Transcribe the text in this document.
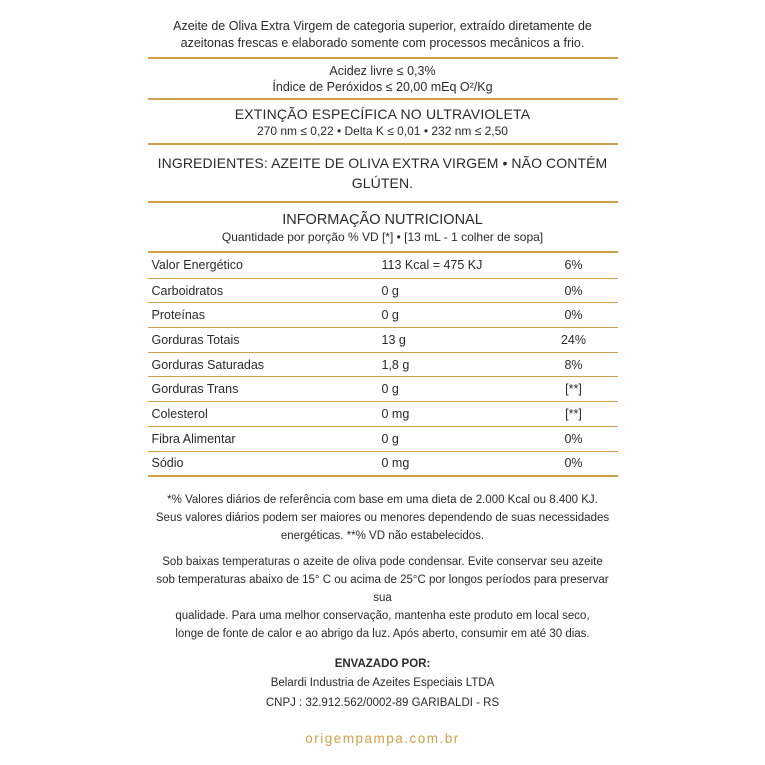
Azeite de Oliva Extra Virgem de categoria superior, extraído diretamente de
azeitonas frescas e elaborado somente com processos mecânicos a frio.
Acidez livre ≤ 0,3%
Índice de Peróxidos ≤ 20,00 mEq O²/Kg
EXTINÇÃO ESPECÍFICA NO ULTRAVIOLETA
270 nm ≤ 0,22 • Delta K ≤ 0,01 • 232 nm ≤ 2,50
INGREDIENTES: AZEITE DE OLIVA EXTRA VIRGEM • NÃO CONTÉM GLÚTEN.
INFORMAÇÃO NUTRICIONAL
Quantidade por porção % VD [*] • [13 mL - 1 colher de sopa]
Valor Energético	113 Kcal = 475 KJ	6%
Carboidratos	0 g	0%
Proteínas	0 g	0%
Gorduras Totais	13 g	24%
Gorduras Saturadas	1,8 g	8%
Gorduras Trans	0 g	[**]
Colesterol	0 mg	[**]
Fibra Alimentar	0 g	0%
Sódio	0 mg	0%
*% Valores diários de referência com base em uma dieta de 2.000 Kcal ou 8.400 KJ.
Seus valores diários podem ser maiores ou menores dependendo de suas necessidades
energéticas. **% VD não estabelecidos.
Sob baixas temperaturas o azeite de oliva pode condensar. Evite conservar seu azeite
sob temperaturas abaixo de 15° C ou acima de 25°C por longos períodos para preservar sua
qualidade. Para uma melhor conservação, mantenha este produto em local seco,
longe de fonte de calor e ao abrigo da luz. Após aberto, consumir em até 30 dias.
ENVAZADO POR:
Belardi Industria de Azeites Especiais LTDA
CNPJ : 32.912.562/0002-89 GARIBALDI - RS
origempampa.com.br
